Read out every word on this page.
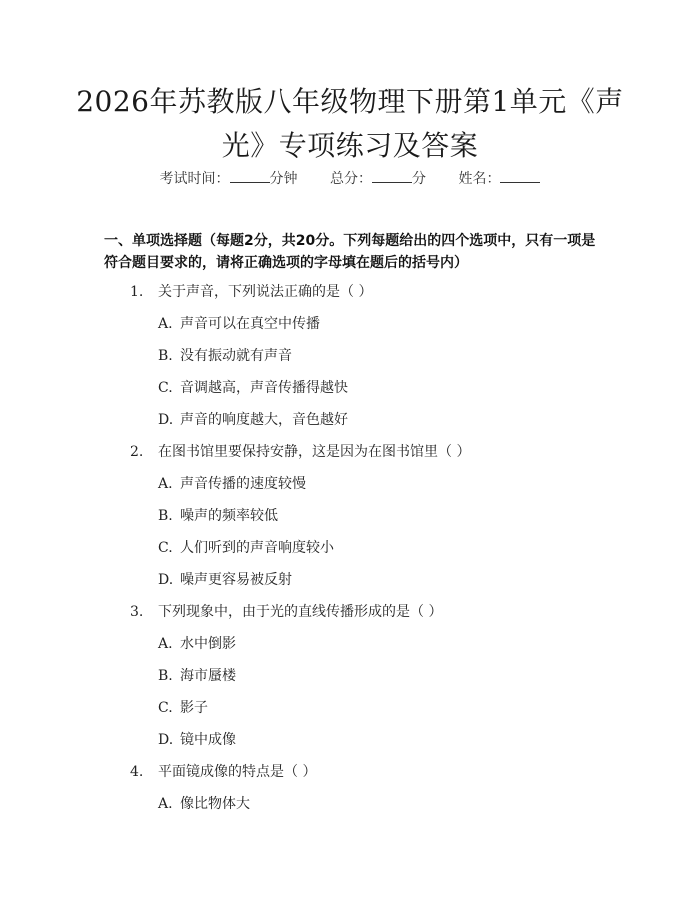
2026年苏教版八年级物理下册第1单元《声光》专项练习及答案
考试时间：	分钟 总分：	分 姓名：
一、单项选择题（每题2分，共20分。下列每题给出的四个选项中，只有一项是符合题目要求的，请将正确选项的字母填在题后的括号内）
1. 关于声音，下列说法正确的是（ ）
A. 声音可以在真空中传播
B. 没有振动就有声音
C. 音调越高，声音传播得越快
D. 声音的响度越大，音色越好
2. 在图书馆里要保持安静，这是因为在图书馆里（ ）
A. 声音传播的速度较慢
B. 噪声的频率较低
C. 人们听到的声音响度较小
D. 噪声更容易被反射
3. 下列现象中，由于光的直线传播形成的是（ ）
A. 水中倒影
B. 海市蜃楼
C. 影子
D. 镜中成像
4. 平面镜成像的特点是（ ）
A. 像比物体大
